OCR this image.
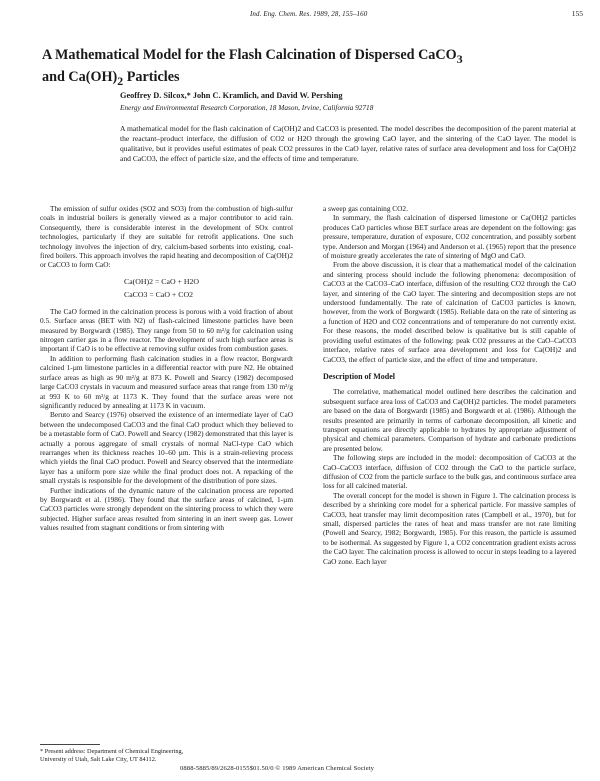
Ind. Eng. Chem. Res. 1989, 28, 155–160	155
A Mathematical Model for the Flash Calcination of Dispersed CaCO$_3$
and $Ca(OH)_2$ Particles
Geoffrey D. Silcox,* John C. Kramlich, and David W. Pershing
Energy and Environmental Research Corporation, 18 Mason, Irvine, California 92718

A mathematical model for the flash calcination of Ca(OH)2 and CaCO3 is presented. The model describes the decomposition of the parent material at the reactant–product interface, the diffusion of CO2 or H2O through the growing CaO layer, and the sintering of the CaO layer. The model is qualitative, but it provides useful estimates of peak CO2 pressures in the CaO layer, relative rates of surface area development and loss for Ca(OH)2 and CaCO3, the effect of particle size, and the effects of time and temperature.

The emission of sulfur oxides (SO2 and SO3) from the combustion of high-sulfur coals in industrial boilers is generally viewed as a major contributor to acid rain. Consequently, there is considerable interest in the development of SOx control technologies, particularly if they are suitable for retrofit applications. One such technology involves the injection of dry, calcium-based sorbents into existing, coal-fired boilers. This approach involves the rapid heating and decomposition of Ca(OH)2 or CaCO3 to form CaO:

Ca(OH)2 = CaO + H2O
CaCO3 = CaO + CO2

The CaO formed in the calcination process is porous with a void fraction of about 0.5. Surface areas (BET with N2) of flash-calcined limestone particles have been measured by Borgwardt (1985). They range from 50 to 60 m²/g for calcination using nitrogen carrier gas in a flow reactor. The development of such high surface areas is important if CaO is to be effective at removing sulfur oxides from combustion gases.

In addition to performing flash calcination studies in a flow reactor, Borgwardt calcined 1-µm limestone particles in a differential reactor with pure N2. He obtained surface areas as high as 90 m²/g at 873 K. Powell and Searcy (1982) decomposed large CaCO3 crystals in vacuum and measured surface areas that range from 130 m²/g at 993 K to 60 m²/g at 1173 K. They found that the surface areas were not significantly reduced by annealing at 1173 K in vacuum.

Beruto and Searcy (1976) observed the existence of an intermediate layer of CaO between the undecomposed CaCO3 and the final CaO product which they believed to be a metastable form of CaO. Powell and Searcy (1982) demonstrated that this layer is actually a porous aggregate of small crystals of normal NaCl-type CaO which rearranges when its thickness reaches 10–60 µm. This is a strain-relieving process which yields the final CaO product. Powell and Searcy observed that the intermediate layer has a uniform pore size while the final product does not. A repacking of the small crystals is responsible for the development of the distribution of pore sizes.

Further indications of the dynamic nature of the calcination process are reported by Borgwardt et al. (1986). They found that the surface areas of calcined, 1-µm CaCO3 particles were strongly dependent on the sintering process to which they were subjected. Higher surface areas resulted from sintering in an inert sweep gas. Lower values resulted from stagnant conditions or from sintering with

a sweep gas containing CO2.

In summary, the flash calcination of dispersed limestone or Ca(OH)2 particles produces CaO particles whose BET surface areas are dependent on the following: gas pressure, temperature, duration of exposure, CO2 concentration, and possibly sorbent type. Anderson and Morgan (1964) and Anderson et al. (1965) report that the presence of moisture greatly accelerates the rate of sintering of MgO and CaO.

From the above discussion, it is clear that a mathematical model of the calcination and sintering process should include the following phenomena: decomposition of CaCO3 at the CaCO3–CaO interface, diffusion of the resulting CO2 through the CaO layer, and sintering of the CaO layer. The sintering and decomposition steps are not understood fundamentally. The rate of calcination of CaCO3 particles is known, however, from the work of Borgwardt (1985). Reliable data on the rate of sintering as a function of H2O and CO2 concentrations and of temperature do not currently exist. For these reasons, the model described below is qualitative but is still capable of providing useful estimates of the following: peak CO2 pressures at the CaO–CaCO3 interface, relative rates of surface area development and loss for Ca(OH)2 and CaCO3, the effect of particle size, and the effect of time and temperature.

Description of Model

The correlative, mathematical model outlined here describes the calcination and subsequent surface area loss of CaCO3 and Ca(OH)2 particles. The model parameters are based on the data of Borgwardt (1985) and Borgwardt et al. (1986). Although the results presented are primarily in terms of carbonate decomposition, all kinetic and transport equations are directly applicable to hydrates by appropriate adjustment of physical and chemical parameters. Comparison of hydrate and carbonate predictions are presented below.

The following steps are included in the model: decomposition of CaCO3 at the CaO–CaCO3 interface, diffusion of CO2 through the CaO to the particle surface, diffusion of CO2 from the particle surface to the bulk gas, and continuous surface area loss for all calcined material.

The overall concept for the model is shown in Figure 1. The calcination process is described by a shrinking core model for a spherical particle. For massive samples of CaCO3, heat transfer may limit decomposition rates (Campbell et al., 1970), but for small, dispersed particles the rates of heat and mass transfer are not rate limiting (Powell and Searcy, 1982; Borgwardt, 1985). For this reason, the particle is assumed to be isothermal. As suggested by Figure 1, a CO2 concentration gradient exists across the CaO layer. The calcination process is allowed to occur in steps leading to a layered CaO zone. Each layer

* Present address: Department of Chemical Engineering,
University of Utah, Salt Lake City, UT 84112.
0888-5885/89/2628-0155$01.50/0 © 1989 American Chemical Society
